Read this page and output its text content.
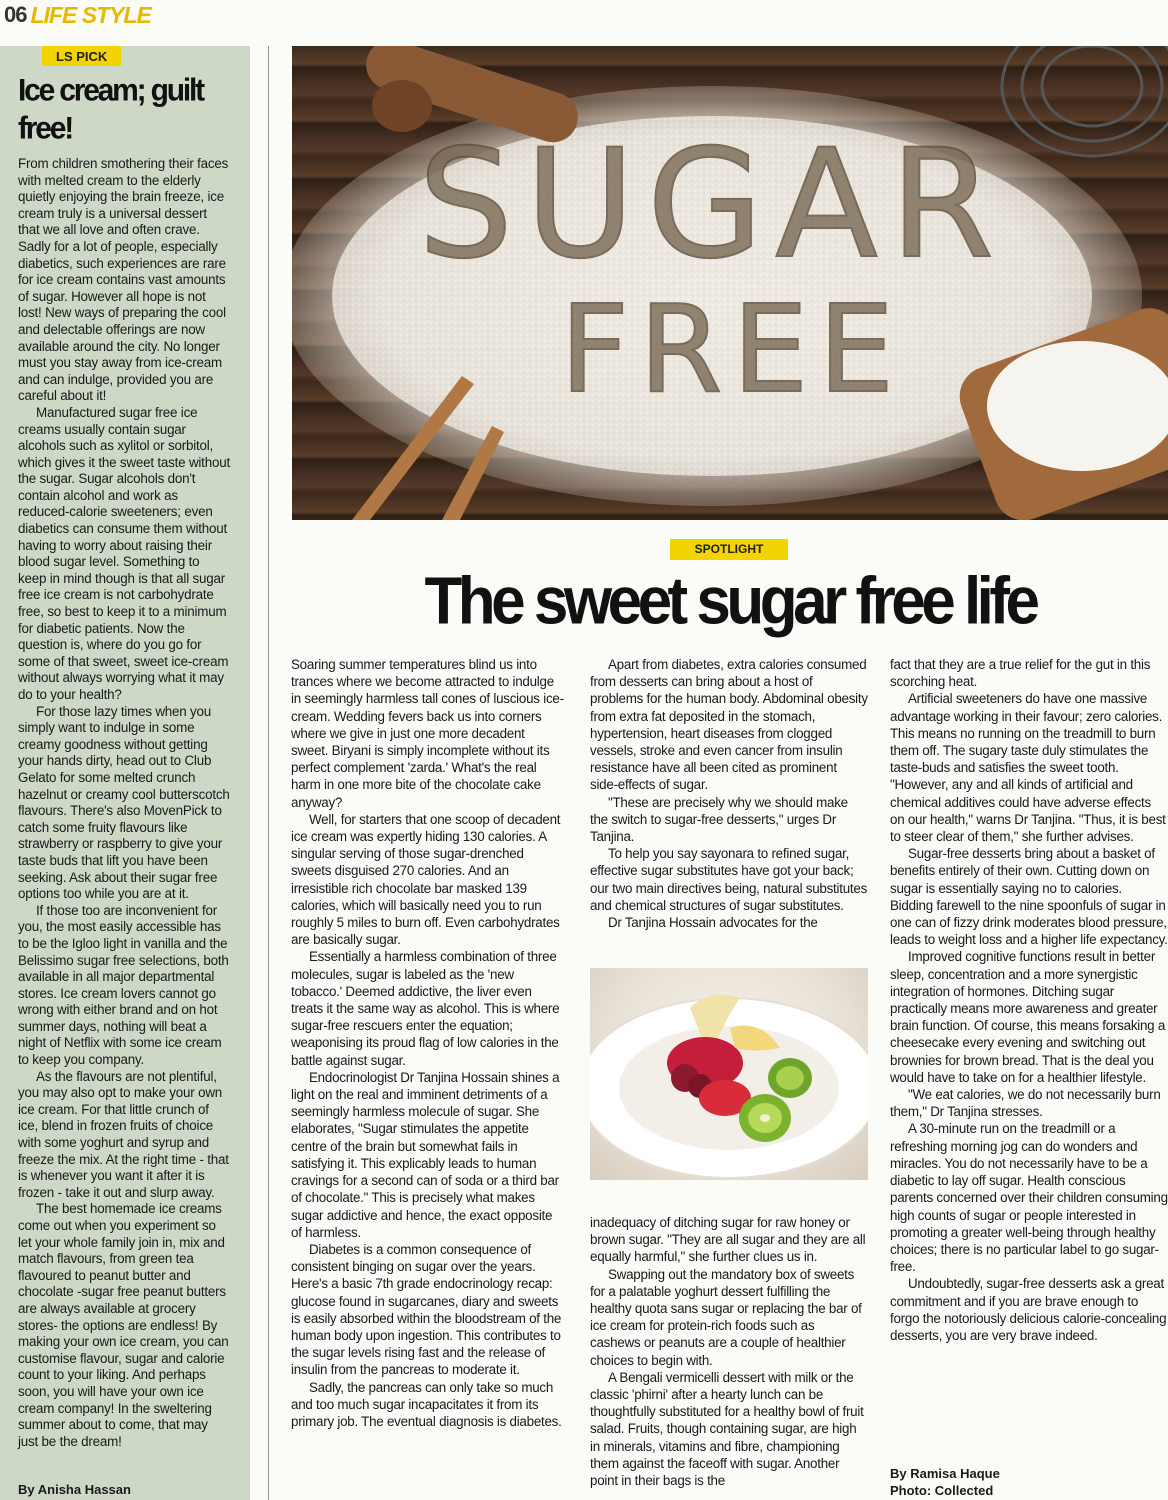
06 LIFE STYLE
LS PICK
Ice cream; guilt free!

From children smothering their faces with melted cream to the elderly quietly enjoying the brain freeze, ice cream truly is a universal dessert that we all love and often crave. Sadly for a lot of people, especially diabetics, such experiences are rare for ice cream contains vast amounts of sugar. However all hope is not lost! New ways of preparing the cool and delectable offerings are now available around the city. No longer must you stay away from ice-cream and can indulge, provided you are careful about it!

Manufactured sugar free ice creams usually contain sugar alcohols such as xylitol or sorbitol, which gives it the sweet taste without the sugar. Sugar alcohols don't contain alcohol and work as reduced-calorie sweeteners; even diabetics can consume them without having to worry about raising their blood sugar level. Something to keep in mind though is that all sugar free ice cream is not carbohydrate free, so best to keep it to a minimum for diabetic patients. Now the question is, where do you go for some of that sweet, sweet ice-cream without always worrying what it may do to your health?

For those lazy times when you simply want to indulge in some creamy goodness without getting your hands dirty, head out to Club Gelato for some melted crunch hazelnut or creamy cool butterscotch flavours. There's also MovenPick to catch some fruity flavours like strawberry or raspberry to give your taste buds that lift you have been seeking. Ask about their sugar free options too while you are at it.

If those too are inconvenient for you, the most easily accessible has to be the Igloo light in vanilla and the Belissimo sugar free selections, both available in all major departmental stores. Ice cream lovers cannot go wrong with either brand and on hot summer days, nothing will beat a night of Netflix with some ice cream to keep you company.

As the flavours are not plentiful, you may also opt to make your own ice cream. For that little crunch of ice, blend in frozen fruits of choice with some yoghurt and syrup and freeze the mix. At the right time - that is whenever you want it after it is frozen - take it out and slurp away.

The best homemade ice creams come out when you experiment so let your whole family join in, mix and match flavours, from green tea flavoured to peanut butter and chocolate -sugar free peanut butters are always available at grocery stores- the options are endless! By making your own ice cream, you can customise flavour, sugar and calorie count to your liking. And perhaps soon, you will have your own ice cream company! In the sweltering summer about to come, that may just be the dream!

By Anisha Hassan
SUGAR
FREE
SPOTLIGHT
The sweet sugar free life

Soaring summer temperatures blind us into trances where we become attracted to indulge in seemingly harmless tall cones of luscious ice-cream. Wedding fevers back us into corners where we give in just one more decadent sweet. Biryani is simply incomplete without its perfect complement 'zarda.' What's the real harm in one more bite of the chocolate cake anyway?

Well, for starters that one scoop of decadent ice cream was expertly hiding 130 calories. A singular serving of those sugar-drenched sweets disguised 270 calories. And an irresistible rich chocolate bar masked 139 calories, which will basically need you to run roughly 5 miles to burn off. Even carbohydrates are basically sugar.

Essentially a harmless combination of three molecules, sugar is labeled as the 'new tobacco.' Deemed addictive, the liver even treats it the same way as alcohol. This is where sugar-free rescuers enter the equation; weaponising its proud flag of low calories in the battle against sugar.

Endocrinologist Dr Tanjina Hossain shines a light on the real and imminent detriments of a seemingly harmless molecule of sugar. She elaborates, "Sugar stimulates the appetite centre of the brain but somewhat fails in satisfying it. This explicably leads to human cravings for a second can of soda or a third bar of chocolate." This is precisely what makes sugar addictive and hence, the exact opposite of harmless.

Diabetes is a common consequence of consistent binging on sugar over the years. Here's a basic 7th grade endocrinology recap: glucose found in sugarcanes, diary and sweets is easily absorbed within the bloodstream of the human body upon ingestion. This contributes to the sugar levels rising fast and the release of insulin from the pancreas to moderate it.

Sadly, the pancreas can only take so much and too much sugar incapacitates it from its primary job. The eventual diagnosis is diabetes.

Apart from diabetes, extra calories consumed from desserts can bring about a host of problems for the human body. Abdominal obesity from extra fat deposited in the stomach, hypertension, heart diseases from clogged vessels, stroke and even cancer from insulin resistance have all been cited as prominent side-effects of sugar.

"These are precisely why we should make the switch to sugar-free desserts," urges Dr Tanjina.

To help you say sayonara to refined sugar, effective sugar substitutes have got your back; our two main directives being, natural substitutes and chemical structures of sugar substitutes.

Dr Tanjina Hossain advocates for the

inadequacy of ditching sugar for raw honey or brown sugar. "They are all sugar and they are all equally harmful," she further clues us in.

Swapping out the mandatory box of sweets for a palatable yoghurt dessert fulfilling the healthy quota sans sugar or replacing the bar of ice cream for protein-rich foods such as cashews or peanuts are a couple of healthier choices to begin with.

A Bengali vermicelli dessert with milk or the classic 'phirni' after a hearty lunch can be thoughtfully substituted for a healthy bowl of fruit salad. Fruits, though containing sugar, are high in minerals, vitamins and fibre, championing them against the faceoff with sugar. Another point in their bags is the

fact that they are a true relief for the gut in this scorching heat.

Artificial sweeteners do have one massive advantage working in their favour; zero calories. This means no running on the treadmill to burn them off. The sugary taste duly stimulates the taste-buds and satisfies the sweet tooth. "However, any and all kinds of artificial and chemical additives could have adverse effects on our health," warns Dr Tanjina. "Thus, it is best to steer clear of them," she further advises.

Sugar-free desserts bring about a basket of benefits entirely of their own. Cutting down on sugar is essentially saying no to calories. Bidding farewell to the nine spoonfuls of sugar in one can of fizzy drink moderates blood pressure, leads to weight loss and a higher life expectancy.

Improved cognitive functions result in better sleep, concentration and a more synergistic integration of hormones. Ditching sugar practically means more awareness and greater brain function. Of course, this means forsaking a cheesecake every evening and switching out brownies for brown bread. That is the deal you would have to take on for a healthier lifestyle.

"We eat calories, we do not necessarily burn them," Dr Tanjina stresses.

A 30-minute run on the treadmill or a refreshing morning jog can do wonders and miracles. You do not necessarily have to be a diabetic to lay off sugar. Health conscious parents concerned over their children consuming high counts of sugar or people interested in promoting a greater well-being through healthy choices; there is no particular label to go sugar-free.

Undoubtedly, sugar-free desserts ask a great commitment and if you are brave enough to forgo the notoriously delicious calorie-concealing desserts, you are very brave indeed.

By Ramisa Haque
Photo: Collected
